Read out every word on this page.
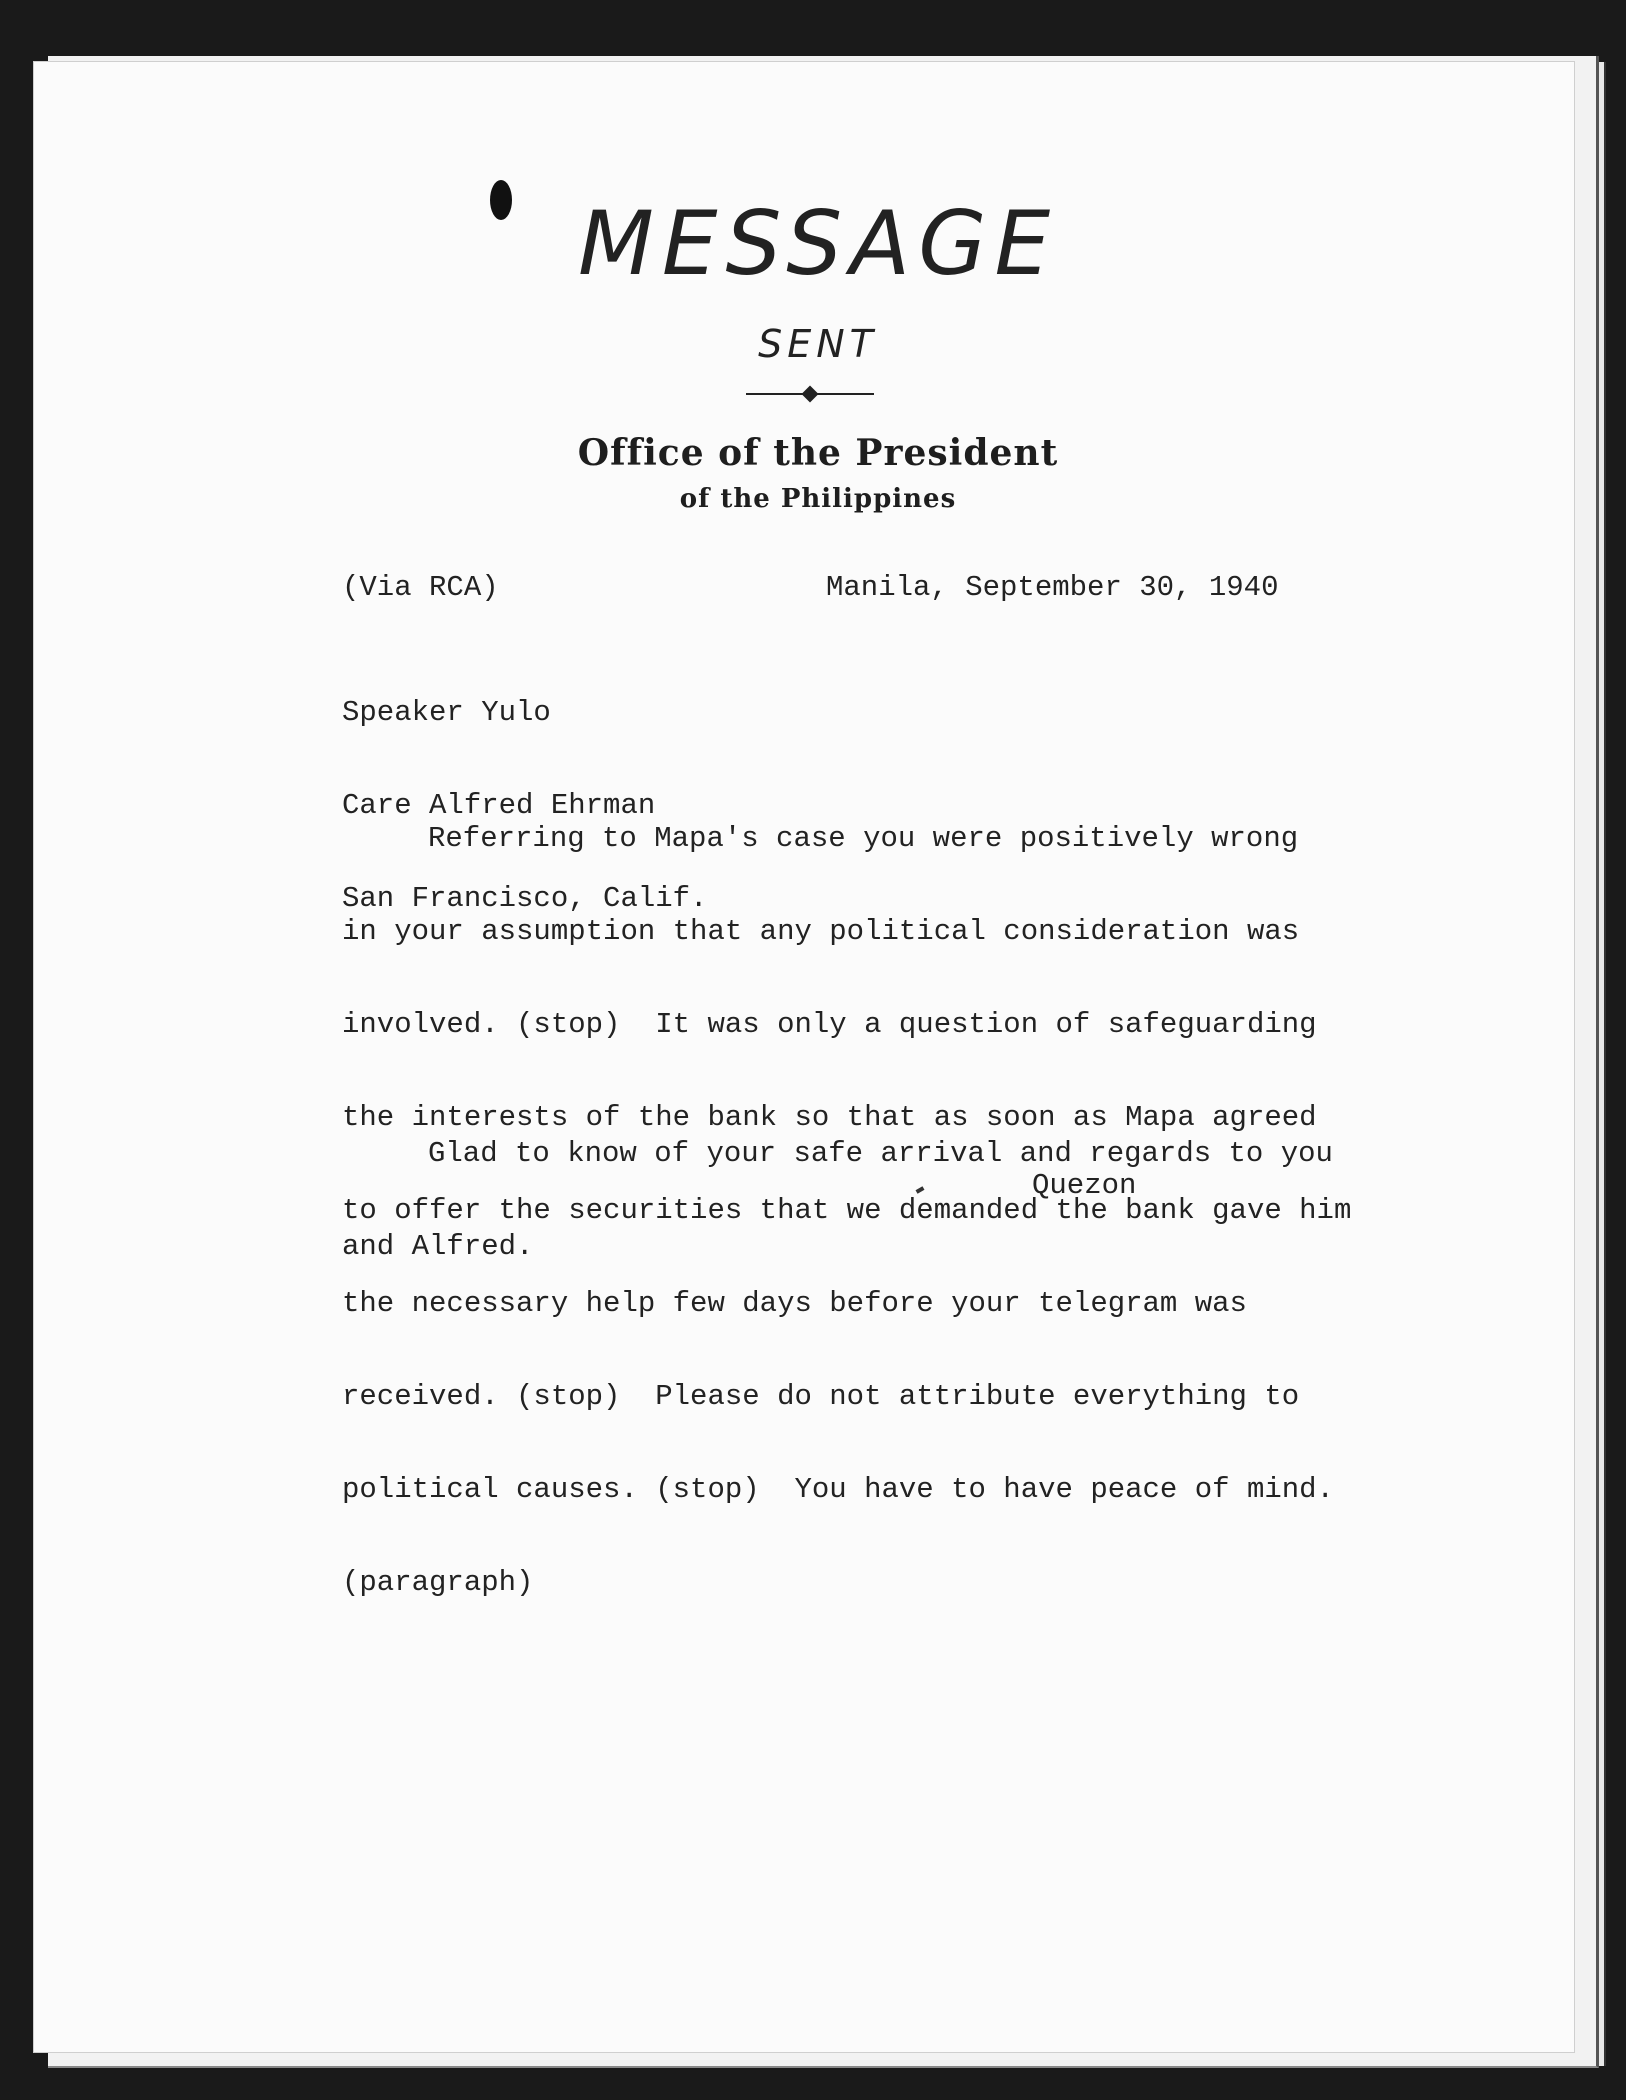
MESSAGE
SENT
Office of the President
of the Philippines
(Via RCA)	Manila, September 30, 1940

Speaker Yulo

Care Alfred Ehrman

San Francisco, Calif.

Referring to Mapa's case you were positively wrong

in your assumption that any political consideration was

involved. (stop)  It was only a question of safeguarding

the interests of the bank so that as soon as Mapa agreed

to offer the securities that we demanded the bank gave him

the necessary help few days before your telegram was

received. (stop)  Please do not attribute everything to

political causes. (stop)  You have to have peace of mind.

(paragraph)

Glad to know of your safe arrival and regards to you

and Alfred.

Quezon
